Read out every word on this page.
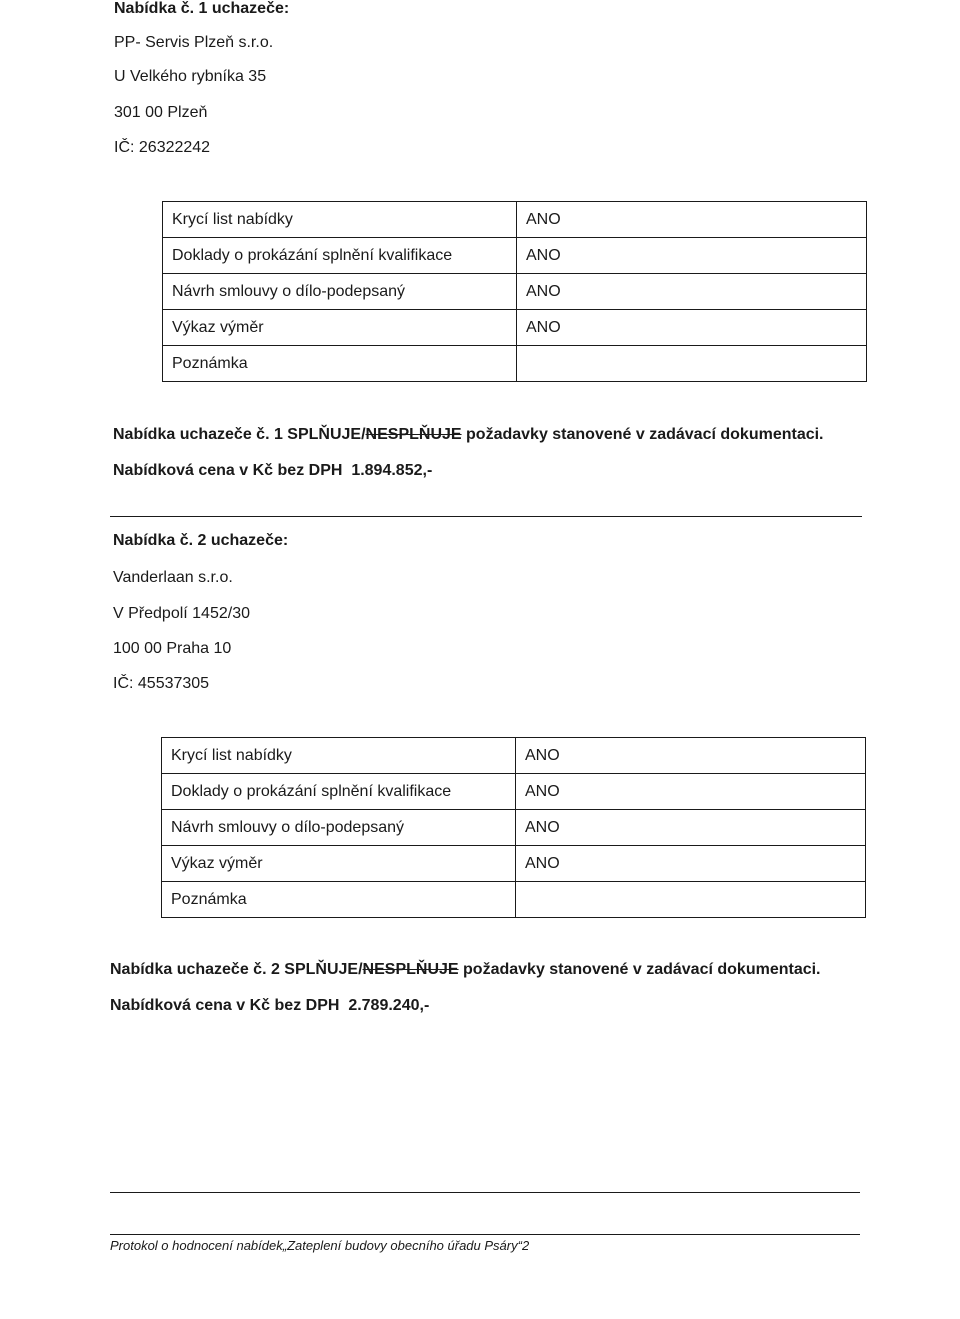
Nabídka č. 1 uchazeče:
PP- Servis Plzeň s.r.o.
U Velkého rybníka 35
301 00 Plzeň
IČ: 26322242
Krycí list nabídky	ANO
Doklady o prokázání splnění kvalifikace	ANO
Návrh smlouvy o dílo-podepsaný	ANO
Výkaz výměr	ANO
Poznámka	
Nabídka uchazeče č. 1 SPLŇUJE/NESPLŇUJE požadavky stanovené v zadávací dokumentaci.
Nabídková cena v Kč bez DPH 1.894.852,-
Nabídka č. 2 uchazeče:
Vanderlaan s.r.o.
V Předpolí 1452/30
100 00 Praha 10
IČ: 45537305
Krycí list nabídky	ANO
Doklady o prokázání splnění kvalifikace	ANO
Návrh smlouvy o dílo-podepsaný	ANO
Výkaz výměr	ANO
Poznámka	
Nabídka uchazeče č. 2 SPLŇUJE/NESPLŇUJE požadavky stanovené v zadávací dokumentaci.
Nabídková cena v Kč bez DPH 2.789.240,-
Protokol o hodnocení nabídek„Zateplení budovy obecního úřadu Psáry“2
